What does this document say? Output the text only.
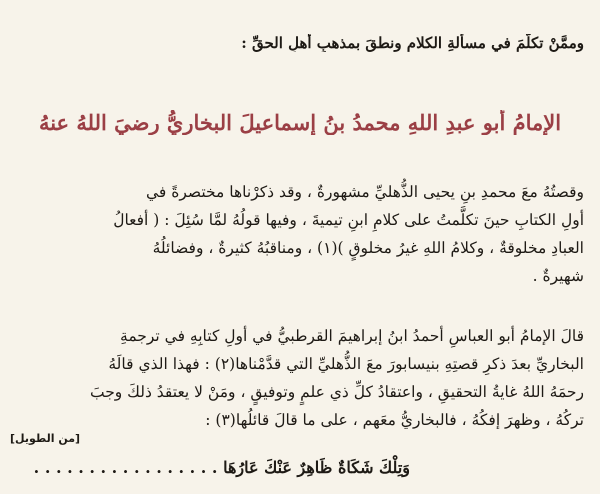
وممَّنْ تكلَّمَ في مسألةِ الكلامِ ونطقَ بمذهبِ أهلِ الحقِّ :
الإمامُ أبو عبدِ اللهِ محمدُ بنُ إسماعيلَ البخاريُّ رضيَ اللهُ عنهُ
وقصتُهُ معَ محمدِ بنِ يحيى الذُّهليِّ مشهورةٌ ، وقد ذكرْناها مختصرةً في
أولِ الكتابِ حينَ تكلَّمتُ على كلامِ ابنِ تيميةَ ، وفيها قولُهُ لمَّا سُئِلَ : ( أفعالُ
العبادِ مخلوقةٌ ، وكلامُ اللهِ غيرُ مخلوقٍ )(١) ، ومناقبُهُ كثيرةٌ ، وفضائلُهُ
شهيرةٌ .
قالَ الإمامُ أبو العباسِ أحمدُ ابنُ إبراهيمَ القرطبيُّ في أولِ كتابِهِ في ترجمةِ
البخاريِّ بعدَ ذكرِ قصتِهِ بنيسابورَ معَ الذُّهليِّ التي قدَّمْناها(٢) : فهذا الذي قالَهُ
رحمَهُ اللهُ غايةُ التحقيقِ ، واعتقادُ كلِّ ذي علمٍ وتوفيقٍ ، ومَنْ لا يعتقدُ ذلكَ وجبَ
تركُهُ ، وظهرَ إفكُهُ ، فالبخاريُّ معَهم ، على ما قالَ قائلُها(٣) :
[من الطويل]
وَتِلْكَ شَكَاةٌ ظَاهِرٌ عَنْكَ عَارُهَا . . . . . . . . . . . . . . . . .
